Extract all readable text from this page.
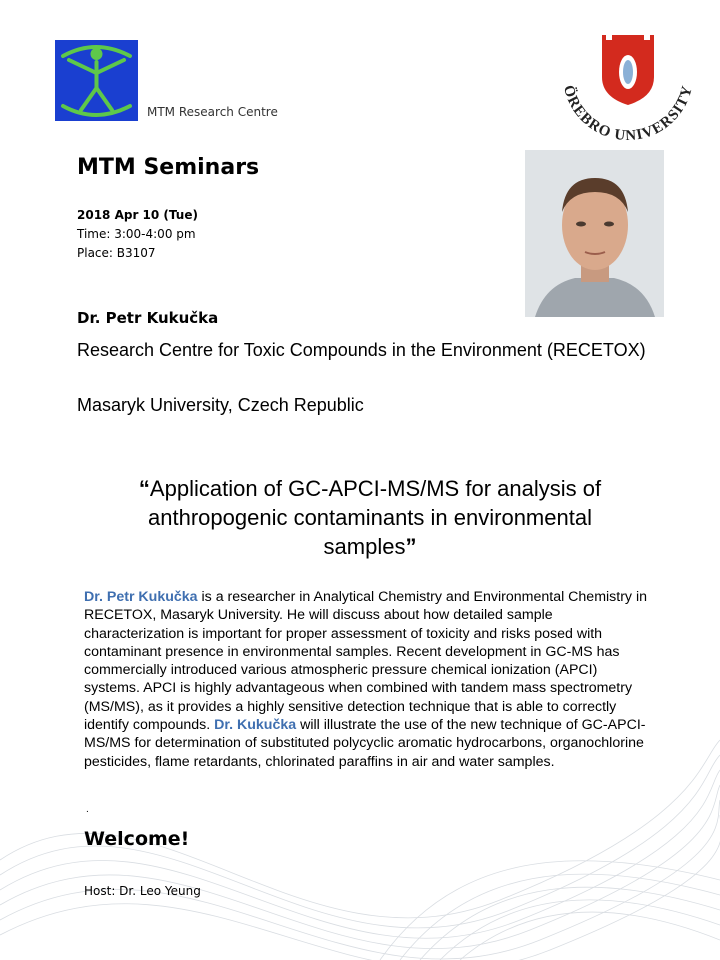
MTM Research Centre
ÖREBRO UNIVERSITY
MTM Seminars
2018 Apr 10 (Tue)
Time: 3:00-4:00 pm
Place: B3107
Dr. Petr Kukučka
Research Centre for Toxic Compounds in the Environment (RECETOX)
Masaryk University, Czech Republic
“Application of GC-APCI-MS/MS for analysis of anthropogenic contaminants in environmental samples”
Dr. Petr Kukučka is a researcher in Analytical Chemistry and Environmental Chemistry in RECETOX, Masaryk University. He will discuss about how detailed sample characterization is important for proper assessment of toxicity and risks posed with contaminant presence in environmental samples. Recent development in GC-MS has commercially introduced various atmospheric pressure chemical ionization (APCI) systems. APCI is highly advantageous when combined with tandem mass spectrometry (MS/MS), as it provides a highly sensitive detection technique that is able to correctly identify compounds. Dr. Kukučka will illustrate the use of the new technique of GC-APCI-MS/MS for determination of substituted polycyclic aromatic hydrocarbons, organochlorine pesticides, flame retardants, chlorinated paraffins in air and water samples.
.
Welcome!
Host: Dr. Leo Yeung
